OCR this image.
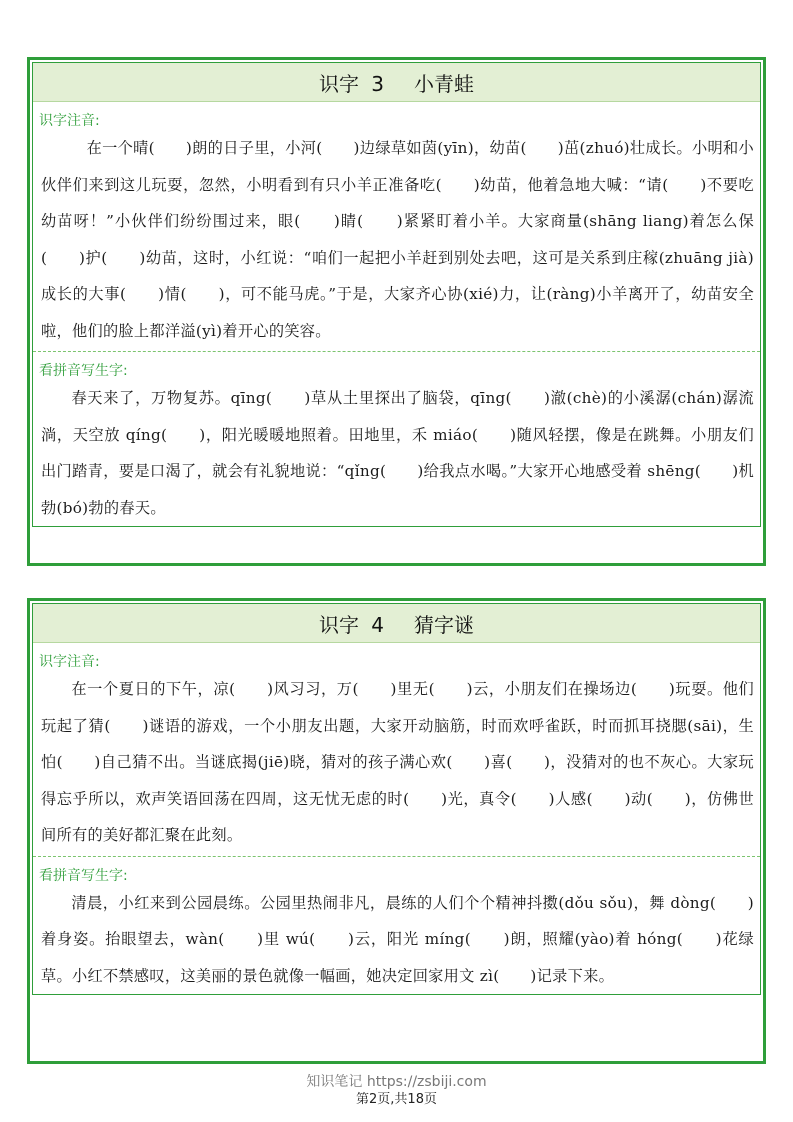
识字 3 小青蛙
识字注音:
在一个晴(　　)朗的日子里，小河(　　)边绿草如茵(yīn)，幼苗(　　)茁(zhuó)壮成长。小明和小伙伴们来到这儿玩耍，忽然，小明看到有只小羊正准备吃(　　)幼苗，他着急地大喊：“请(　　)不要吃幼苗呀！”小伙伴们纷纷围过来，眼(　　)睛(　　)紧紧盯着小羊。大家商量(shāng liang)着怎么保(　　)护(　　)幼苗，这时，小红说：“咱们一起把小羊赶到别处去吧，这可是关系到庄稼(zhuāng jià)成长的大事(　　)情(　　)，可不能马虎。”于是，大家齐心协(xié)力，让(ràng)小羊离开了，幼苗安全啦，他们的脸上都洋溢(yì)着开心的笑容。
看拼音写生字:
春天来了，万物复苏。qīng(　　)草从土里探出了脑袋，qīng(　　)澈(chè)的小溪潺(chán)潺流淌，天空放 qíng(　　)，阳光暖暖地照着。田地里，禾 miáo(　　)随风轻摆，像是在跳舞。小朋友们出门踏青，要是口渴了，就会有礼貌地说：“qǐng(　　)给我点水喝。”大家开心地感受着 shēng(　　)机勃(bó)勃的春天。
识字 4 猜字谜
识字注音:
在一个夏日的下午，凉(　　)风习习，万(　　)里无(　　)云，小朋友们在操场边(　　)玩耍。他们玩起了猜(　　)谜语的游戏，一个小朋友出题，大家开动脑筋，时而欢呼雀跃，时而抓耳挠腮(sāi)，生怕(　　)自己猜不出。当谜底揭(jiē)晓，猜对的孩子满心欢(　　)喜(　　)，没猜对的也不灰心。大家玩得忘乎所以，欢声笑语回荡在四周，这无忧无虑的时(　　)光，真令(　　)人感(　　)动(　　)，仿佛世间所有的美好都汇聚在此刻。
看拼音写生字:
清晨，小红来到公园晨练。公园里热闹非凡，晨练的人们个个精神抖擞(dǒu sǒu)，舞 dòng(　　)着身姿。抬眼望去，wàn(　　)里 wú(　　)云，阳光 míng(　　)朗，照耀(yào)着 hóng(　　)花绿草。小红不禁感叹，这美丽的景色就像一幅画，她决定回家用文 zì(　　)记录下来。
知识笔记 https://zsbiji.com
第2页,共18页
